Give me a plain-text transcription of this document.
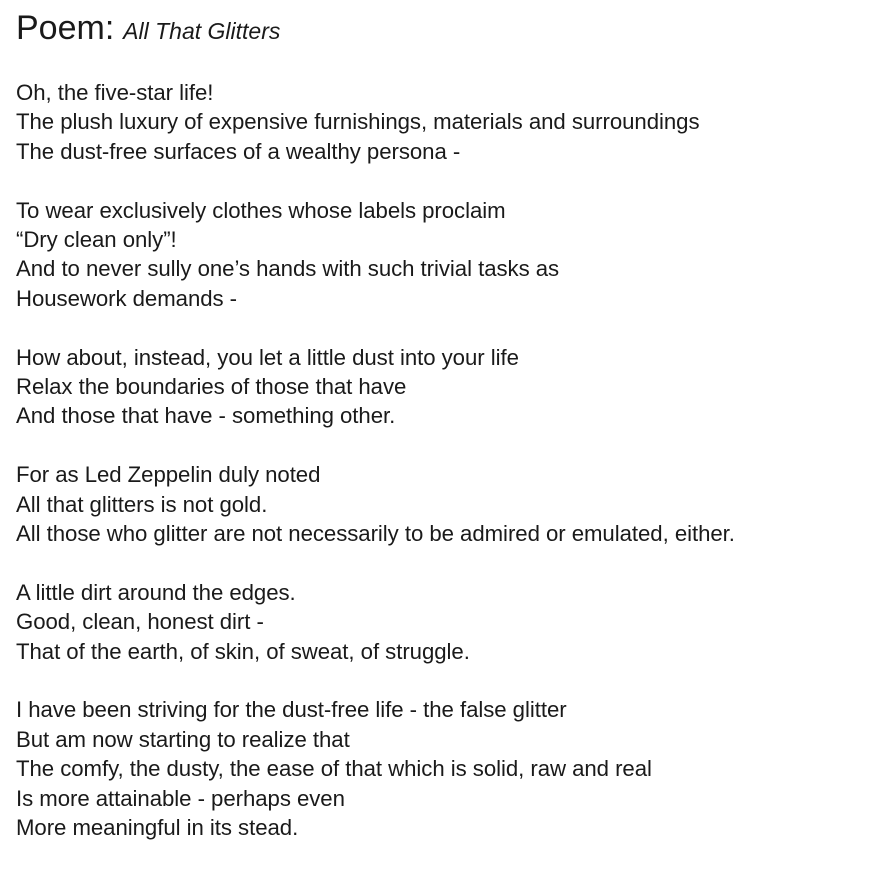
Poem: All That Glitters
Oh, the five-star life!
The plush luxury of expensive furnishings, materials and surroundings
The dust-free surfaces of a wealthy persona -
To wear exclusively clothes whose labels proclaim
“Dry clean only”!
And to never sully one’s hands with such trivial tasks as
Housework demands -
How about, instead, you let a little dust into your life
Relax the boundaries of those that have
And those that have - something other.
For as Led Zeppelin duly noted
All that glitters is not gold.
All those who glitter are not necessarily to be admired or emulated, either.
A little dirt around the edges.
Good, clean, honest dirt -
That of the earth, of skin, of sweat, of struggle.
I have been striving for the dust-free life - the false glitter
But am now starting to realize that
The comfy, the dusty, the ease of that which is solid, raw and real
Is more attainable - perhaps even
More meaningful in its stead.
